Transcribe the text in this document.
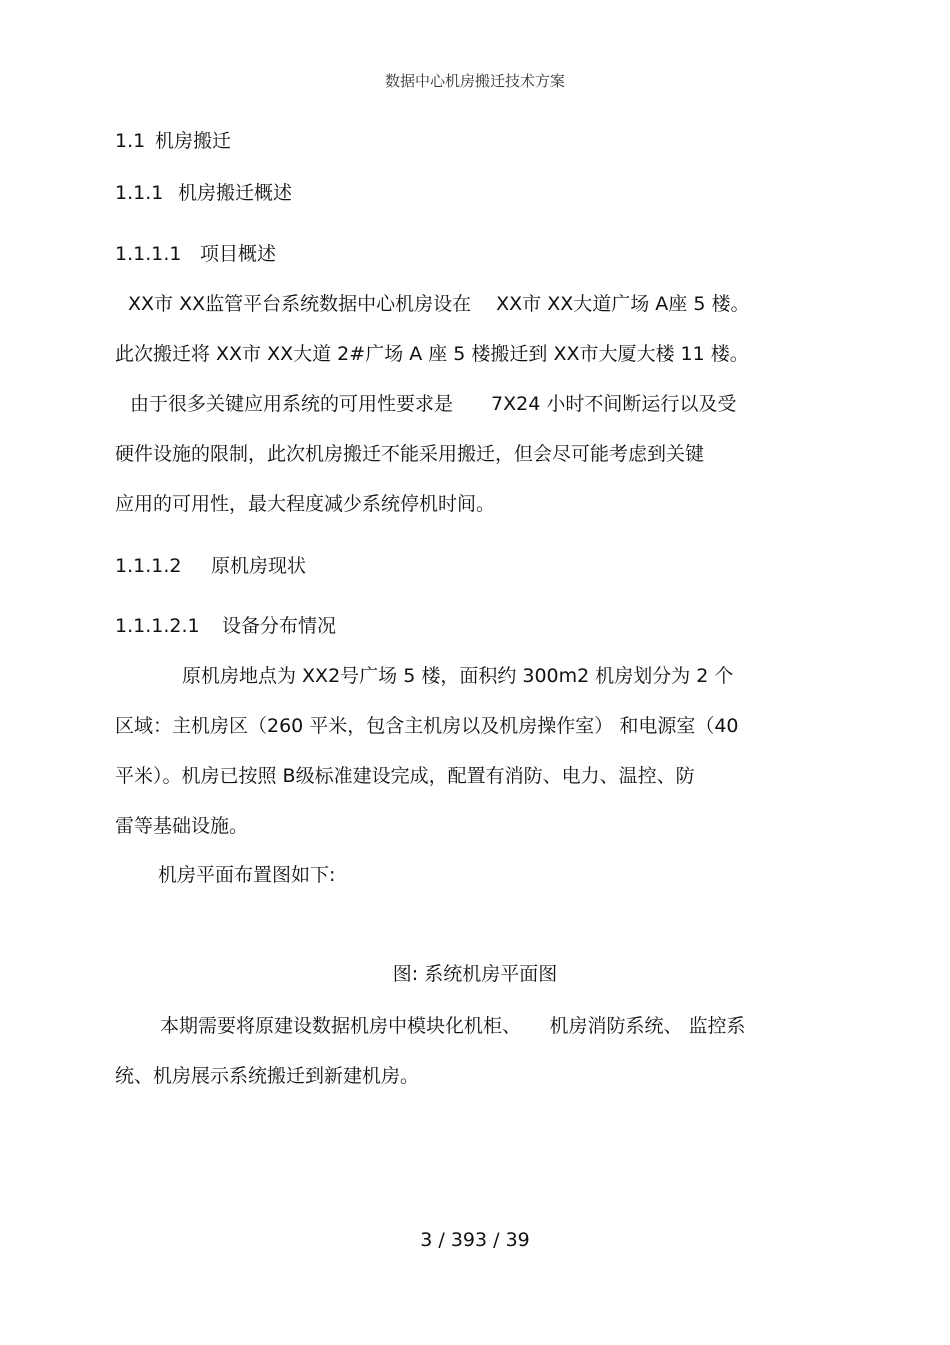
数据中心机房搬迁技术方案
1.1 机房搬迁
1.1.1 机房搬迁概述
1.1.1.1 项目概述
XX市 XX监管平台系统数据中心机房设在　 XX市 XX大道广场 A座 5 楼。
此次搬迁将 XX市 XX大道 2#广场 A 座 5 楼搬迁到 XX市大厦大楼 11 楼。
由于很多关键应用系统的可用性要求是　　7X24 小时不间断运行以及受
硬件设施的限制，此次机房搬迁不能采用搬迁，但会尽可能考虑到关键
应用的可用性，最大程度减少系统停机时间。
1.1.1.2 原机房现状
1.1.1.2.1 设备分布情况
原机房地点为 XX2号广场 5 楼，面积约 300m2 机房划分为 2 个
区域：主机房区（260 平米，包含主机房以及机房操作室） 和电源室（40
平米）。机房已按照 B级标准建设完成，配置有消防、电力、温控、防
雷等基础设施。
机房平面布置图如下:
图: 系统机房平面图
本期需要将原建设数据机房中模块化机柜、　　机房消防系统、 监控系
统、机房展示系统搬迁到新建机房。
3 / 393 / 39
